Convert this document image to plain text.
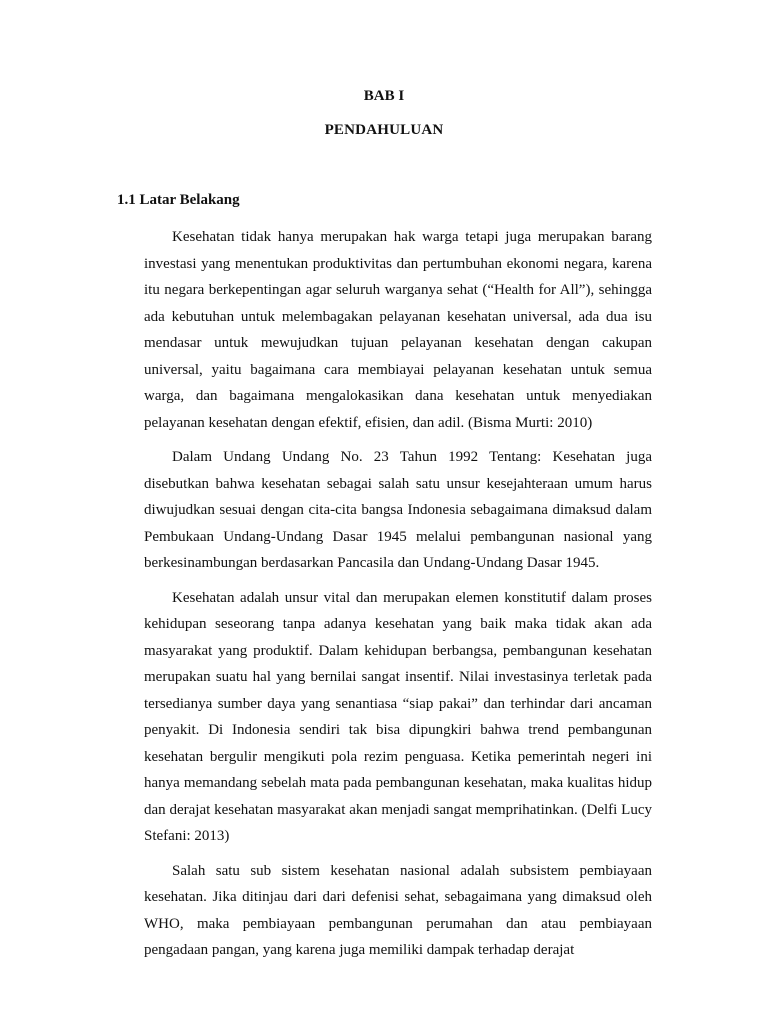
BAB I
PENDAHULUAN
1.1 Latar Belakang

Kesehatan tidak hanya merupakan hak warga tetapi juga merupakan barang investasi yang menentukan produktivitas dan pertumbuhan ekonomi negara, karena itu negara berkepentingan agar seluruh warganya sehat (“Health for All”), sehingga ada kebutuhan untuk melembagakan pelayanan kesehatan universal, ada dua isu mendasar untuk mewujudkan tujuan pelayanan kesehatan dengan cakupan universal, yaitu bagaimana cara membiayai pelayanan kesehatan untuk semua warga, dan bagaimana mengalokasikan dana kesehatan untuk menyediakan pelayanan kesehatan dengan efektif, efisien, dan adil. (Bisma Murti: 2010)

Dalam Undang Undang No. 23 Tahun 1992 Tentang: Kesehatan juga disebutkan bahwa kesehatan sebagai salah satu unsur kesejahteraan umum harus diwujudkan sesuai dengan cita-cita bangsa Indonesia sebagaimana dimaksud dalam Pembukaan Undang-Undang Dasar 1945 melalui pembangunan nasional yang berkesinambungan berdasarkan Pancasila dan Undang-Undang Dasar 1945.

Kesehatan adalah unsur vital dan merupakan elemen konstitutif dalam proses kehidupan seseorang tanpa adanya kesehatan yang baik maka tidak akan ada masyarakat yang produktif. Dalam kehidupan berbangsa, pembangunan kesehatan merupakan suatu hal yang bernilai sangat insentif. Nilai investasinya terletak pada tersedianya sumber daya yang senantiasa “siap pakai” dan terhindar dari ancaman penyakit. Di Indonesia sendiri tak bisa dipungkiri bahwa trend pembangunan kesehatan bergulir mengikuti pola rezim penguasa. Ketika pemerintah negeri ini hanya memandang sebelah mata pada pembangunan kesehatan, maka kualitas hidup dan derajat kesehatan masyarakat akan menjadi sangat memprihatinkan. (Delfi Lucy Stefani: 2013)

Salah satu sub sistem kesehatan nasional adalah subsistem pembiayaan kesehatan. Jika ditinjau dari dari defenisi sehat, sebagaimana yang dimaksud oleh WHO, maka pembiayaan pembangunan perumahan dan atau pembiayaan pengadaan pangan, yang karena juga memiliki dampak terhadap derajat
